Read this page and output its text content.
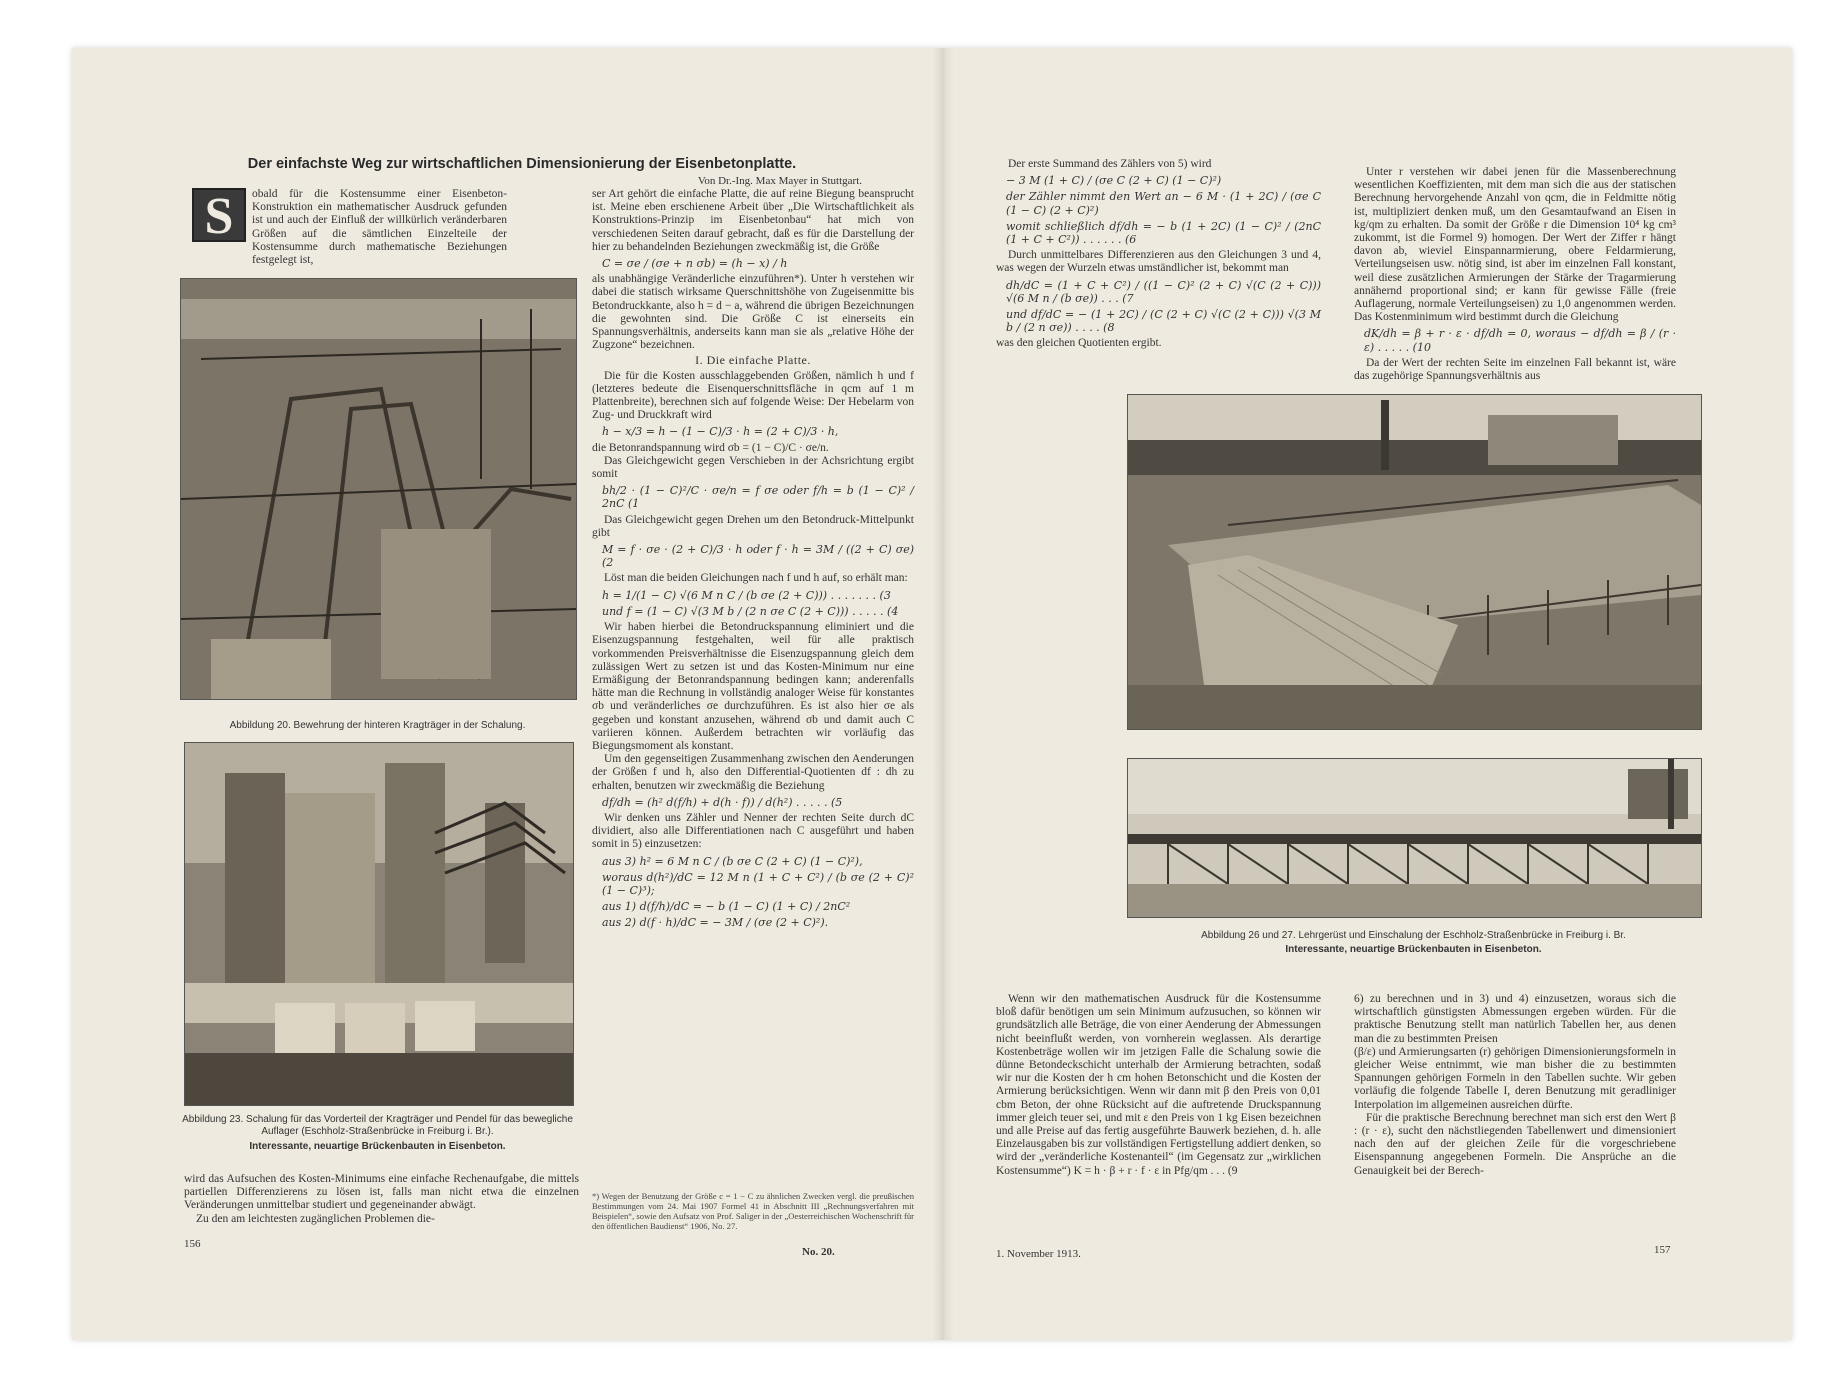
Der einfachste Weg zur wirtschaftlichen Dimensionierung der Eisenbetonplatte.
Von Dr.-Ing. Max Mayer in Stuttgart.
S	obald für die Kostensumme einer Eisenbeton-Konstruktion ein mathematischer Ausdruck gefunden ist und auch der Einfluß der willkürlich veränderbaren Größen auf die sämtlichen Einzelteile der Kostensumme durch mathematische Beziehungen festgelegt ist,

Abbildung 20. Bewehrung der hinteren Kragträger in der Schalung.
Abbildung 23. Schalung für das Vorderteil der Kragträger und Pendel für das bewegliche Auflager (Eschholz-Straßenbrücke in Freiburg i. Br.).
Interessante, neuartige Brückenbauten in Eisenbeton.

wird das Aufsuchen des Kosten-Minimums eine einfache Rechenaufgabe, die mittels partiellen Differenzierens zu lösen ist, falls man nicht etwa die einzelnen Veränderungen unmittelbar studiert und gegeneinander abwägt.

Zu den am leichtesten zugänglichen Problemen die-

ser Art gehört die einfache Platte, die auf reine Biegung beansprucht ist. Meine eben erschienene Arbeit über „Die Wirtschaftlichkeit als Konstruktions-Prinzip im Eisenbetonbau“ hat mich von verschiedenen Seiten darauf gebracht, daß es für die Darstellung der hier zu behandelnden Beziehungen zweckmäßig ist, die Größe

C = σe / (σe + n σb) = (h − x) / h

als unabhängige Veränderliche einzuführen*). Unter h verstehen wir dabei die statisch wirksame Querschnittshöhe von Zugeisenmitte bis Betondruckkante, also h = d − a, während die übrigen Bezeichnungen die gewohnten sind. Die Größe C ist einerseits ein Spannungsverhältnis, anderseits kann man sie als „relative Höhe der Zugzone“ bezeichnen.

I. Die einfache Platte.

Die für die Kosten ausschlaggebenden Größen, nämlich h und f (letzteres bedeute die Eisenquerschnittsfläche in qcm auf 1 m Plattenbreite), berechnen sich auf folgende Weise: Der Hebelarm von Zug- und Druckkraft wird

h − x/3 = h − (1 − C)/3 · h = (2 + C)/3 · h,

die Betonrandspannung wird σb = (1 − C)/C · σe/n.

Das Gleichgewicht gegen Verschieben in der Achsrichtung ergibt somit

bh/2 · (1 − C)²/C · σe/n = f σe oder f/h = b (1 − C)² / 2nC (1

Das Gleichgewicht gegen Drehen um den Betondruck-Mittelpunkt gibt

M = f · σe · (2 + C)/3 · h oder f · h = 3M / ((2 + C) σe) (2

Löst man die beiden Gleichungen nach f und h auf, so erhält man:

h = 1/(1 − C) √(6 M n C / (b σe (2 + C))) . . . . . . . (3
und f = (1 − C) √(3 M b / (2 n σe C (2 + C))) . . . . . (4

Wir haben hierbei die Betondruckspannung eliminiert und die Eisenzugspannung festgehalten, weil für alle praktisch vorkommenden Preisverhältnisse die Eisenzugspannung gleich dem zulässigen Wert zu setzen ist und das Kosten-Minimum nur eine Ermäßigung der Betonrandspannung bedingen kann; anderenfalls hätte man die Rechnung in vollständig analoger Weise für konstantes σb und veränderliches σe durchzuführen. Es ist also hier σe als gegeben und konstant anzusehen, während σb und damit auch C variieren können. Außerdem betrachten wir vorläufig das Biegungsmoment als konstant.

Um den gegenseitigen Zusammenhang zwischen den Aenderungen der Größen f und h, also den Differential-Quotienten df : dh zu erhalten, benutzen wir zweckmäßig die Beziehung

df/dh = (h² d(f/h) + d(h · f)) / d(h²) . . . . . (5

Wir denken uns Zähler und Nenner der rechten Seite durch dC dividiert, also alle Differentiationen nach C ausgeführt und haben somit in 5) einzusetzen:

aus 3) h² = 6 M n C / (b σe C (2 + C) (1 − C)²),
woraus d(h²)/dC = 12 M n (1 + C + C²) / (b σe (2 + C)² (1 − C)³);
aus 1) d(f/h)/dC = − b (1 − C) (1 + C) / 2nC²
aus 2) d(f · h)/dC = − 3M / (σe (2 + C)²).
*) Wegen der Benutzung der Größe c = 1 − C zu ähnlichen Zwecken vergl. die preußischen Bestimmungen vom 24. Mai 1907 Formel 41 in Abschnitt III „Rechnungsverfahren mit Beispielen“, sowie den Aufsatz von Prof. Saliger in der „Oesterreichischen Wochenschrift für den öffentlichen Baudienst“ 1906, No. 27.
156
No. 20.

Der erste Summand des Zählers von 5) wird

− 3 M (1 + C) / (σe C (2 + C) (1 − C)²)
der Zähler nimmt den Wert an − 6 M · (1 + 2C) / (σe C (1 − C) (2 + C)²)
womit schließlich df/dh = − b (1 + 2C) (1 − C)² / (2nC (1 + C + C²)) . . . . . . (6

Durch unmittelbares Differenzieren aus den Gleichungen 3 und 4, was wegen der Wurzeln etwas umständlicher ist, bekommt man

dh/dC = (1 + C + C²) / ((1 − C)² (2 + C) √(C (2 + C))) √(6 M n / (b σe)) . . . (7
und df/dC = − (1 + 2C) / (C (2 + C) √(C (2 + C))) √(3 M b / (2 n σe)) . . . . (8

was den gleichen Quotienten ergibt.

Unter r verstehen wir dabei jenen für die Massenberechnung wesentlichen Koeffizienten, mit dem man sich die aus der statischen Berechnung hervorgehende Anzahl von qcm, die in Feldmitte nötig ist, multipliziert denken muß, um den Gesamtaufwand an Eisen in kg/qm zu erhalten. Da somit der Größe r die Dimension 10⁴ kg cm³ zukommt, ist die Formel 9) homogen. Der Wert der Ziffer r hängt davon ab, wieviel Einspannarmierung, obere Feldarmierung, Verteilungseisen usw. nötig sind, ist aber im einzelnen Fall konstant, weil diese zusätzlichen Armierungen der Stärke der Tragarmierung annähernd proportional sind; er kann für gewisse Fälle (freie Auflagerung, normale Verteilungseisen) zu 1,0 angenommen werden. Das Kostenminimum wird bestimmt durch die Gleichung

dK/dh = β + r · ε · df/dh = 0, woraus − df/dh = β / (r · ε) . . . . . (10

Da der Wert der rechten Seite im einzelnen Fall bekannt ist, wäre das zugehörige Spannungsverhältnis aus

Abbildung 26 und 27. Lehrgerüst und Einschalung der Eschholz-Straßenbrücke in Freiburg i. Br.
Interessante, neuartige Brückenbauten in Eisenbeton.

Wenn wir den mathematischen Ausdruck für die Kostensumme bloß dafür benötigen um sein Minimum aufzusuchen, so können wir grundsätzlich alle Beträge, die von einer Aenderung der Abmessungen nicht beeinflußt werden, von vornherein weglassen. Als derartige Kostenbeträge wollen wir im jetzigen Falle die Schalung sowie die dünne Betondeckschicht unterhalb der Armierung betrachten, sodaß wir nur die Kosten der h cm hohen Betonschicht und die Kosten der Armierung berücksichtigen. Wenn wir dann mit β den Preis von 0,01 cbm Beton, der ohne Rücksicht auf die auftretende Druckspannung immer gleich teuer sei, und mit ε den Preis von 1 kg Eisen bezeichnen und alle Preise auf das fertig ausgeführte Bauwerk beziehen, d. h. alle Einzelausgaben bis zur vollständigen Fertigstellung addiert denken, so wird der „veränderliche Kostenanteil“ (im Gegensatz zur „wirklichen Kostensumme“) K = h · β + r · f · ε in Pfg/qm . . . (9

6) zu berechnen und in 3) und 4) einzusetzen, woraus sich die wirtschaftlich günstigsten Abmessungen ergeben würden. Für die praktische Benutzung stellt man natürlich Tabellen her, aus denen man die zu bestimmten Preisen

(β/ε) und Armierungsarten (r) gehörigen Dimensionierungsformeln in gleicher Weise entnimmt, wie man bisher die zu bestimmten Spannungen gehörigen Formeln in den Tabellen suchte. Wir geben vorläufig die folgende Tabelle I, deren Benutzung mit geradliniger Interpolation im allgemeinen ausreichen dürfte.

Für die praktische Berechnung berechnet man sich erst den Wert β : (r · ε), sucht den nächstliegenden Tabellenwert und dimensioniert nach den auf der gleichen Zeile für die vorgeschriebene Eisenspannung angegebenen Formeln. Die Ansprüche an die Genauigkeit bei der Berech-

1. November 1913.	157
